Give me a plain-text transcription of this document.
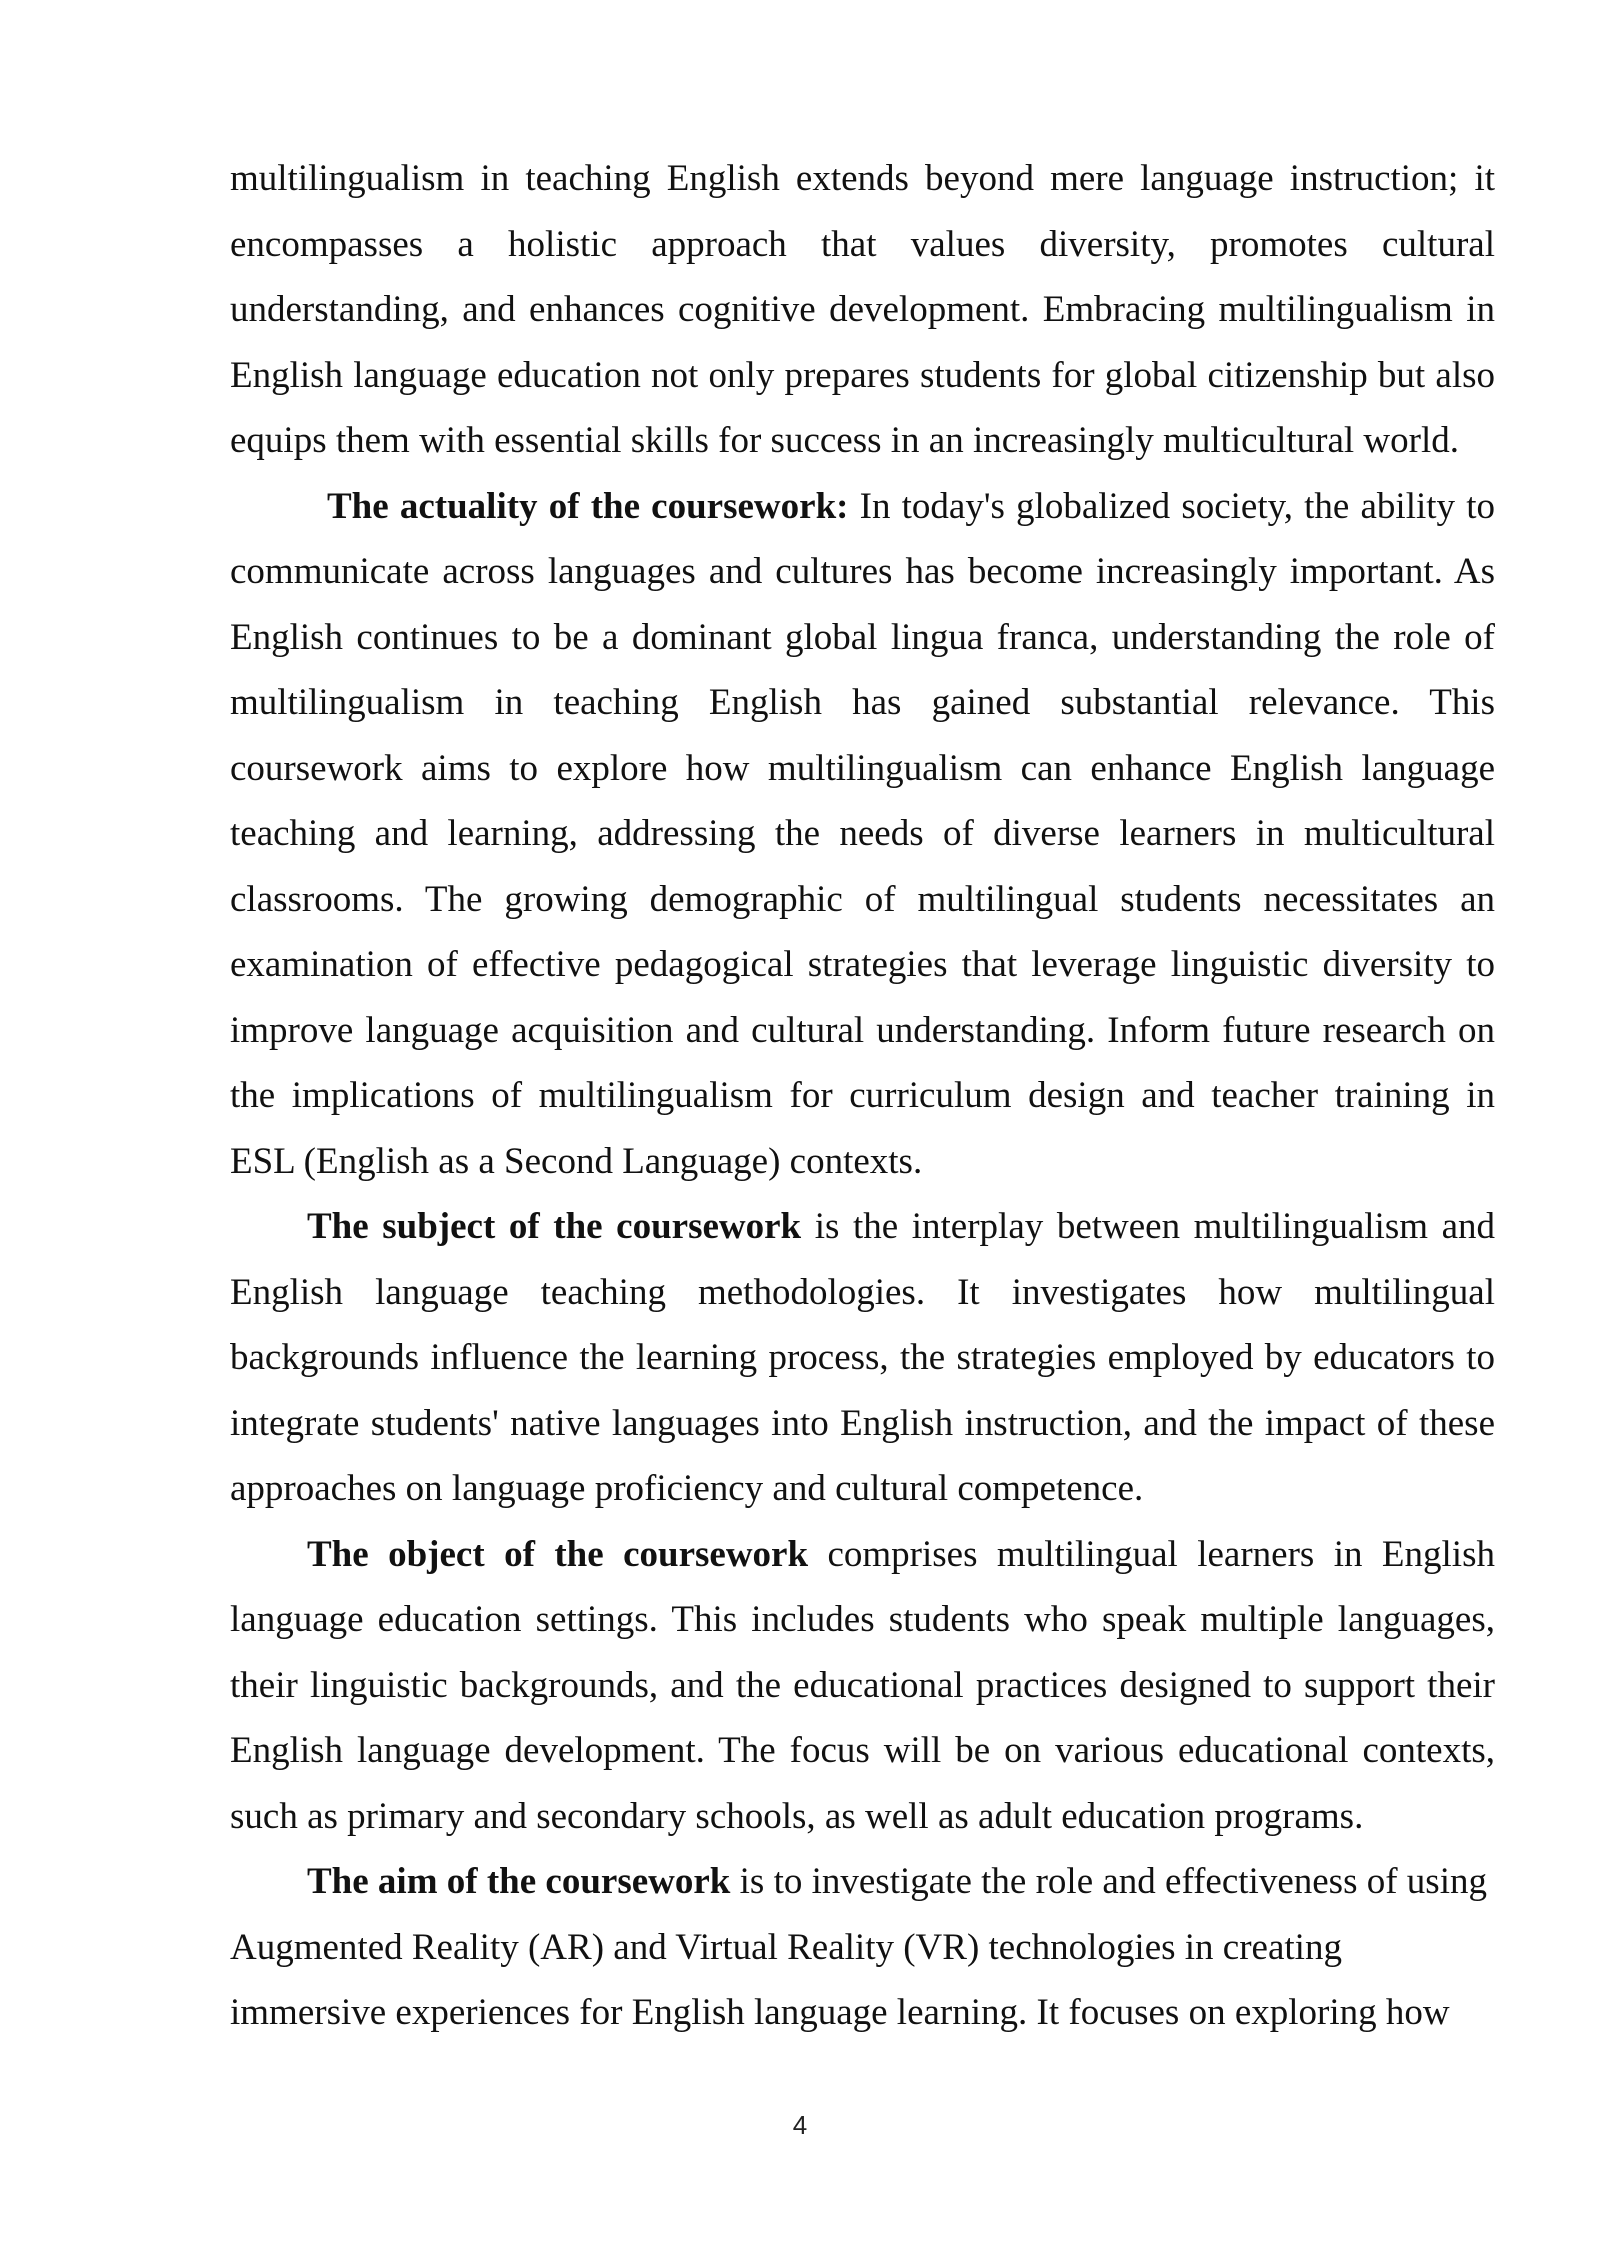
multilingualism in teaching English extends beyond mere language instruction; it encompasses a holistic approach that values diversity, promotes cultural understanding, and enhances cognitive development. Embracing multilingualism in English language education not only prepares students for global citizenship but also equips them with essential skills for success in an increasingly multicultural world.

The actuality of the coursework: In today's globalized society, the ability to communicate across languages and cultures has become increasingly important. As English continues to be a dominant global lingua franca, understanding the role of multilingualism in teaching English has gained substantial relevance. This coursework aims to explore how multilingualism can enhance English language teaching and learning, addressing the needs of diverse learners in multicultural classrooms. The growing demographic of multilingual students necessitates an examination of effective pedagogical strategies that leverage linguistic diversity to improve language acquisition and cultural understanding. Inform future research on the implications of multilingualism for curriculum design and teacher training in ESL (English as a Second Language) contexts.

The subject of the coursework is the interplay between multilingualism and English language teaching methodologies. It investigates how multilingual backgrounds influence the learning process, the strategies employed by educators to integrate students' native languages into English instruction, and the impact of these approaches on language proficiency and cultural competence.

The object of the coursework comprises multilingual learners in English language education settings. This includes students who speak multiple languages, their linguistic backgrounds, and the educational practices designed to support their English language development. The focus will be on various educational contexts, such as primary and secondary schools, as well as adult education programs.

The aim of the coursework is to investigate the role and effectiveness of using Augmented Reality (AR) and Virtual Reality (VR) technologies in creating immersive experiences for English language learning. It focuses on exploring how

4
